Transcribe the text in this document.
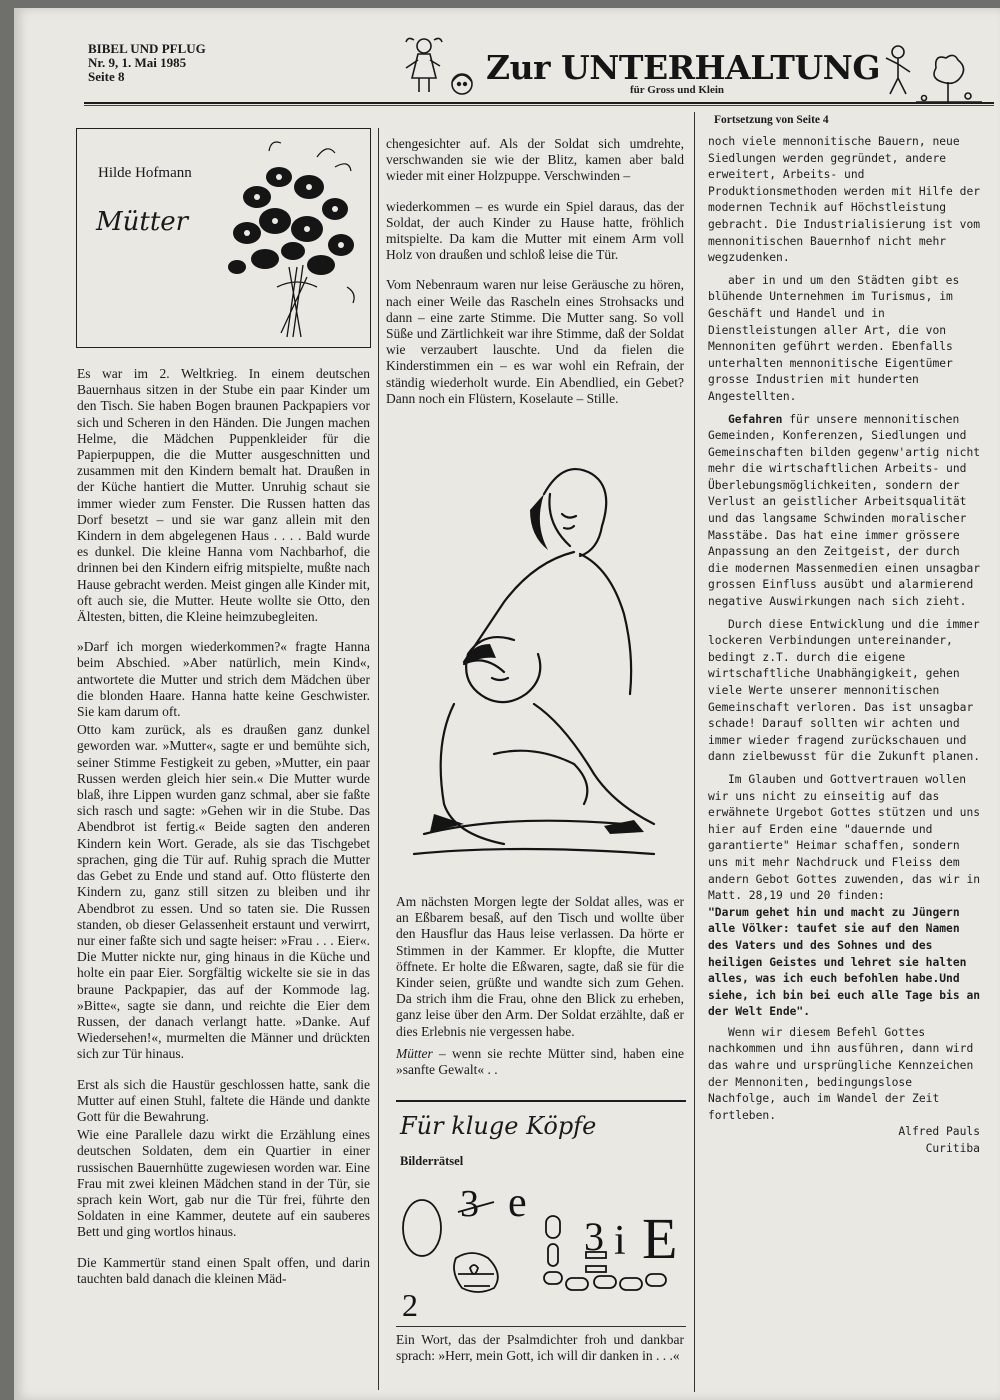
BIBEL UND PFLUG
Nr. 9, 1. Mai 1985
Seite 8	Zur UNTERHALTUNG
für Gross und Klein
Hilde Hofmann
Mütter

Es war im 2. Weltkrieg. In einem deutschen Bauernhaus sitzen in der Stube ein paar Kinder um den Tisch. Sie haben Bogen braunen Packpapiers vor sich und Scheren in den Händen. Die Jungen machen Helme, die Mädchen Puppenkleider für die Papierpuppen, die die Mutter ausgeschnitten und zusammen mit den Kindern bemalt hat. Draußen in der Küche hantiert die Mutter. Unruhig schaut sie immer wieder zum Fenster. Die Russen hatten das Dorf besetzt – und sie war ganz allein mit den Kindern in dem abgelegenen Haus . . . . Bald wurde es dunkel. Die kleine Hanna vom Nachbarhof, die drinnen bei den Kindern eifrig mitspielte, mußte nach Hause gebracht werden. Meist gingen alle Kinder mit, oft auch sie, die Mutter. Heute wollte sie Otto, den Ältesten, bitten, die Kleine heimzubegleiten.

»Darf ich morgen wiederkommen?« fragte Hanna beim Abschied. »Aber natürlich, mein Kind«, antwortete die Mutter und strich dem Mädchen über die blonden Haare. Hanna hatte keine Geschwister. Sie kam darum oft.

Otto kam zurück, als es draußen ganz dunkel geworden war. »Mutter«, sagte er und bemühte sich, seiner Stimme Festigkeit zu geben, »Mutter, ein paar Russen werden gleich hier sein.« Die Mutter wurde blaß, ihre Lippen wurden ganz schmal, aber sie faßte sich rasch und sagte: »Gehen wir in die Stube. Das Abendbrot ist fertig.« Beide sagten den anderen Kindern kein Wort. Gerade, als sie das Tischgebet sprachen, ging die Tür auf. Ruhig sprach die Mutter das Gebet zu Ende und stand auf. Otto flüsterte den Kindern zu, ganz still sitzen zu bleiben und ihr Abendbrot zu essen. Und so taten sie. Die Russen standen, ob dieser Gelassenheit erstaunt und verwirrt, nur einer faßte sich und sagte heiser: »Frau . . . Eier«. Die Mutter nickte nur, ging hinaus in die Küche und holte ein paar Eier. Sorgfältig wickelte sie sie in das braune Packpapier, das auf der Kommode lag. »Bitte«, sagte sie dann, und reichte die Eier dem Russen, der danach verlangt hatte. »Danke. Auf Wiedersehen!«, murmelten die Männer und drückten sich zur Tür hinaus.

Erst als sich die Haustür geschlossen hatte, sank die Mutter auf einen Stuhl, faltete die Hände und dankte Gott für die Bewahrung.

Wie eine Parallele dazu wirkt die Erzählung eines deutschen Soldaten, dem ein Quartier in einer russischen Bauernhütte zugewiesen worden war. Eine Frau mit zwei kleinen Mädchen stand in der Tür, sie sprach kein Wort, gab nur die Tür frei, führte den Soldaten in eine Kammer, deutete auf ein sauberes Bett und ging wortlos hinaus.

Die Kammertür stand einen Spalt offen, und darin tauchten bald danach die kleinen Mäd-

chengesichter auf. Als der Soldat sich umdrehte, verschwanden sie wie der Blitz, kamen aber bald wieder mit einer Holzpuppe. Verschwinden –

wiederkommen – es wurde ein Spiel daraus, das der Soldat, der auch Kinder zu Hause hatte, fröhlich mitspielte. Da kam die Mutter mit einem Arm voll Holz von draußen und schloß leise die Tür.

Vom Nebenraum waren nur leise Geräusche zu hören, nach einer Weile das Rascheln eines Strohsacks und dann – eine zarte Stimme. Die Mutter sang. So voll Süße und Zärtlichkeit war ihre Stimme, daß der Soldat wie verzaubert lauschte. Und da fielen die Kinderstimmen ein – es war wohl ein Refrain, der ständig wiederholt wurde. Ein Abendlied, ein Gebet? Dann noch ein Flüstern, Koselaute – Stille.

Am nächsten Morgen legte der Soldat alles, was er an Eßbarem besaß, auf den Tisch und wollte über den Hausflur das Haus leise verlassen. Da hörte er Stimmen in der Kammer. Er klopfte, die Mutter öffnete. Er holte die Eßwaren, sagte, daß sie für die Kinder seien, grüßte und wandte sich zum Gehen. Da strich ihm die Frau, ohne den Blick zu erheben, ganz leise über den Arm. Der Soldat erzählte, daß er dies Erlebnis nie vergessen habe.

Mütter – wenn sie rechte Mütter sind, haben eine »sanfte Gewalt« . .

Für kluge Köpfe
Bilderrätsel
2
3 e
3 i E
Ein Wort, das der Psalmdichter froh und dankbar sprach: »Herr, mein Gott, ich will dir danken in . . .«
Fortsetzung von Seite 4

noch viele mennonitische Bauern, neue Siedlungen werden gegründet, andere erweitert, Arbeits- und Produktionsmethoden werden mit Hilfe der modernen Technik auf Höchstleistung gebracht. Die Industrialisierung ist vom mennonitischen Bauernhof nicht mehr wegzudenken.

aber in und um den Städten gibt es blühende Unternehmen im Turismus, im Geschäft und Handel und in Dienstleistungen aller Art, die von Mennoniten geführt werden. Ebenfalls unterhalten mennonitische Eigentümer grosse Industrien mit hunderten Angestellten.

Gefahren für unsere mennonitischen Gemeinden, Konferenzen, Siedlungen und Gemeinschaften bilden gegenw'artig nicht mehr die wirtschaftlichen Arbeits- und Überlebungsmöglichkeiten, sondern der Verlust an geistlicher Arbeitsqualität und das langsame Schwinden moralischer Masstäbe. Das hat eine immer grössere Anpassung an den Zeitgeist, der durch die modernen Massenmedien einen unsagbar grossen Einfluss ausübt und alarmierend negative Auswirkungen nach sich zieht.

Durch diese Entwicklung und die immer lockeren Verbindungen untereinander, bedingt z.T. durch die eigene wirtschaftliche Unabhängigkeit, gehen viele Werte unserer mennonitischen Gemeinschaft verloren. Das ist unsagbar schade! Darauf sollten wir achten und immer wieder fragend zurückschauen und dann zielbewusst für die Zukunft planen.

Im Glauben und Gottvertrauen wollen wir uns nicht zu einseitig auf das erwähnete Urgebot Gottes stützen und uns hier auf Erden eine "dauernde und garantierte" Heimar schaffen, sondern uns mit mehr Nachdruck und Fleiss dem andern Gebot Gottes zuwenden, das wir in Matt. 28,19 und 20 finden:

"Darum gehet hin und macht zu Jüngern alle Völker: taufet sie auf den Namen des Vaters und des Sohnes und des heiligen Geistes und lehret sie halten alles, was ich euch befohlen habe.Und siehe, ich bin bei euch alle Tage bis an der Welt Ende".

Wenn wir diesem Befehl Gottes nachkommen und ihn ausführen, dann wird das wahre und ursprüngliche Kennzeichen der Mennoniten, bedingungslose Nachfolge, auch im Wandel der Zeit fortleben.

Alfred Pauls
Curitiba
